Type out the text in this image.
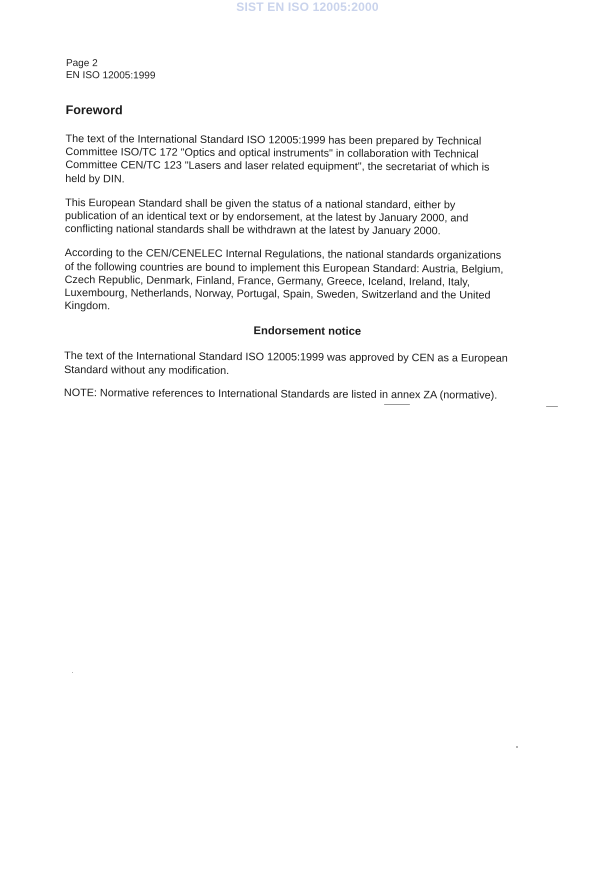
SIST EN ISO 12005:2000
Page 2
EN ISO 12005:1999
Foreword

The text of the International Standard ISO 12005:1999 has been prepared by Technical
Committee ISO/TC 172 "Optics and optical instruments" in collaboration with Technical
Committee CEN/TC 123 "Lasers and laser related equipment", the secretariat of which is
held by DIN.

This European Standard shall be given the status of a national standard, either by
publication of an identical text or by endorsement, at the latest by January 2000, and
conflicting national standards shall be withdrawn at the latest by January 2000.

According to the CEN/CENELEC Internal Regulations, the national standards organizations
of the following countries are bound to implement this European Standard: Austria, Belgium,
Czech Republic, Denmark, Finland, France, Germany, Greece, Iceland, Ireland, Italy,
Luxembourg, Netherlands, Norway, Portugal, Spain, Sweden, Switzerland and the United
Kingdom.

Endorsement notice

The text of the International Standard ISO 12005:1999 was approved by CEN as a European
Standard without any modification.

NOTE: Normative references to International Standards are listed in annex ZA (normative).
